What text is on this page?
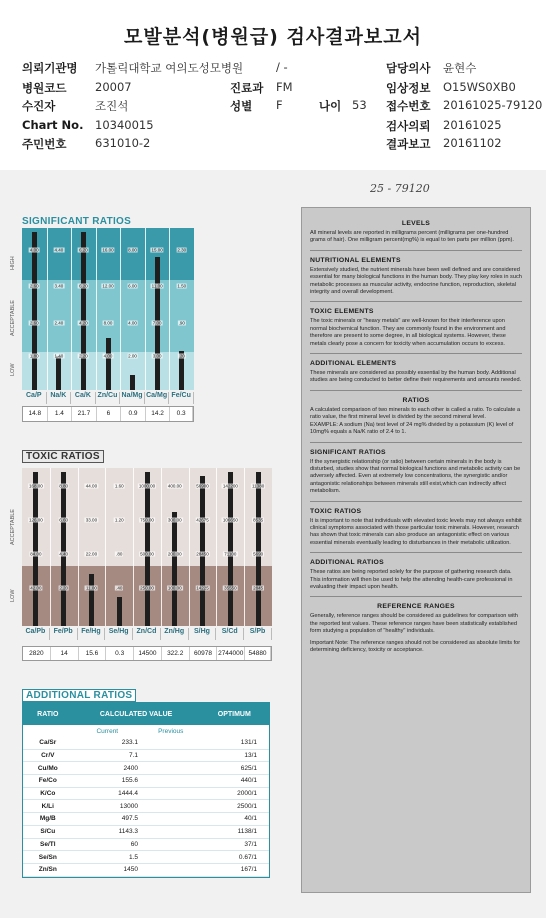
모발분석(병원급) 검사결과보고서
의뢰기관명 가톨릭대학교 여의도성모병원	/ -
병원코드 20007	진료과 FM
수진자	조진석	성별 F	나이 53
Chart No. 10340015
주민번호 631010-2
담당의사 윤현수
임상정보 O15WS0XB0
접수번호 20161025-79120
검사의뢰 20161025
결과보고 20161102
25 - 79120
SIGNIFICANT RATIOS
4.00
2.60
2.60
1.80
4.40
3.40
2.40
1.40
6.20
6.20
4.20
2.20
16.00
12.00
8.00
4.00
8.00
6.00
4.00
2.00
15.00
11.00
7.00
3.00
2.30
1.50
.90
.20
HIGH
ACCEPTABLE
LOW
Ca/P	Na/K	Ca/K Zn/Cu Na/Mg Ca/Mg Fe/Cu
14.8	1.4	21.7	6	0.9	14.2	0.3
TOXIC RATIOS
168.00
126.00
84.00
42.00
8.80
6.60
4.40
2.20
44.00
33.00
22.00
11.00
1.60
1.20
.80
.40
1000.00
750.00
500.00
250.00
400.00
300.00
200.00
100.00
56900
42675
28450
14225
142200
106650
71100
35550
11380
8535
5690
2845
ACCEPTABLE
LOW
Ca/Pb	Fe/Pb	Fe/Hg	Se/Hg	Zn/Cd	Zn/Hg	S/Hg	S/Cd	S/Pb
2820	14	15.6	0.3	14500	322.2	60978 2744000 54880
ADDITIONAL RATIOS
RATIO	CALCULATED VALUE	OPTIMUM
Current	Previous
Ca/Sr	233.1	131/1
Cr/V	7.1	13/1
Cu/Mo	2400	625/1
Fe/Co	155.6	440/1
K/Co	1444.4	2000/1
K/Li	13000	2500/1
Mg/B	497.5	40/1
S/Cu	1143.3	1138/1
Se/Tl	60	37/1
Se/Sn	1.5	0.67/1
Zn/Sn	1450	167/1
LEVELS

All mineral levels are reported in milligrams percent (milligrams per one-hundred grams of hair). One milligram percent(mg%) is equal to ten parts per million (ppm).

NUTRITIONAL ELEMENTS

Extensively studied, the nutrient minerals have been well defined and are considered essential for many biological functions in the human body. They play key roles in such metabolic processes as muscular activity, endocrine function, reproduction, skeletal integrity and overall development.

TOXIC ELEMENTS

The toxic minerals or "heavy metals" are well-known for their interference upon normal biochemical function. They are commonly found in the environment and therefore are present to some degree, in all biological systems. However, these metals clearly pose a concern for toxicity when accumulation occurs to excess.

ADDITIONAL ELEMENTS

These minerals are considered as possibly essential by the human body. Additional studies are being conducted to better define their requirements and amounts needed.

RATIOS

A calculated comparison of two minerals to each other is called a ratio. To calculate a ratio value, the first mineral level is divided by the second mineral level.

EXAMPLE: A sodium (Na) test level of 24 mg% divided by a potassium (K) level of 10mg% equals a Na/K ratio of 2.4 to 1.

SIGNIFICANT RATIOS

If the synergistic relationship (or ratio) between certain minerals in the body is disturbed, studies show that normal biological functions and metabolic activity can be adversely affected. Even at extremely low concentrations, the synergistic and/or antagonistic relationships between minerals still exist,which can indirectly affect metabolism.

TOXIC RATIOS

It is important to note that individuals with elevated toxic levels may not always exhibit clinical symptoms associated with those particular toxic minerals. However, research has shown that toxic minerals can also produce an antagonistic effect on various essential minerals eventually leading to disturbances in their metabolic utilization.

ADDITIONAL RATIOS

These ratios are being reported solely for the purpose of gathering research data. This information will then be used to help the attending health-care professional in evaluating their impact upon health.

REFERENCE RANGES

Generally, reference ranges should be considered as guidelines for comparison with the reported test values. These reference ranges have been statistically established form studying a population of "healthy" individuals.

Important Note: The reference ranges should not be considered as absolute limits for determining deficiency, toxicity or acceptance.
